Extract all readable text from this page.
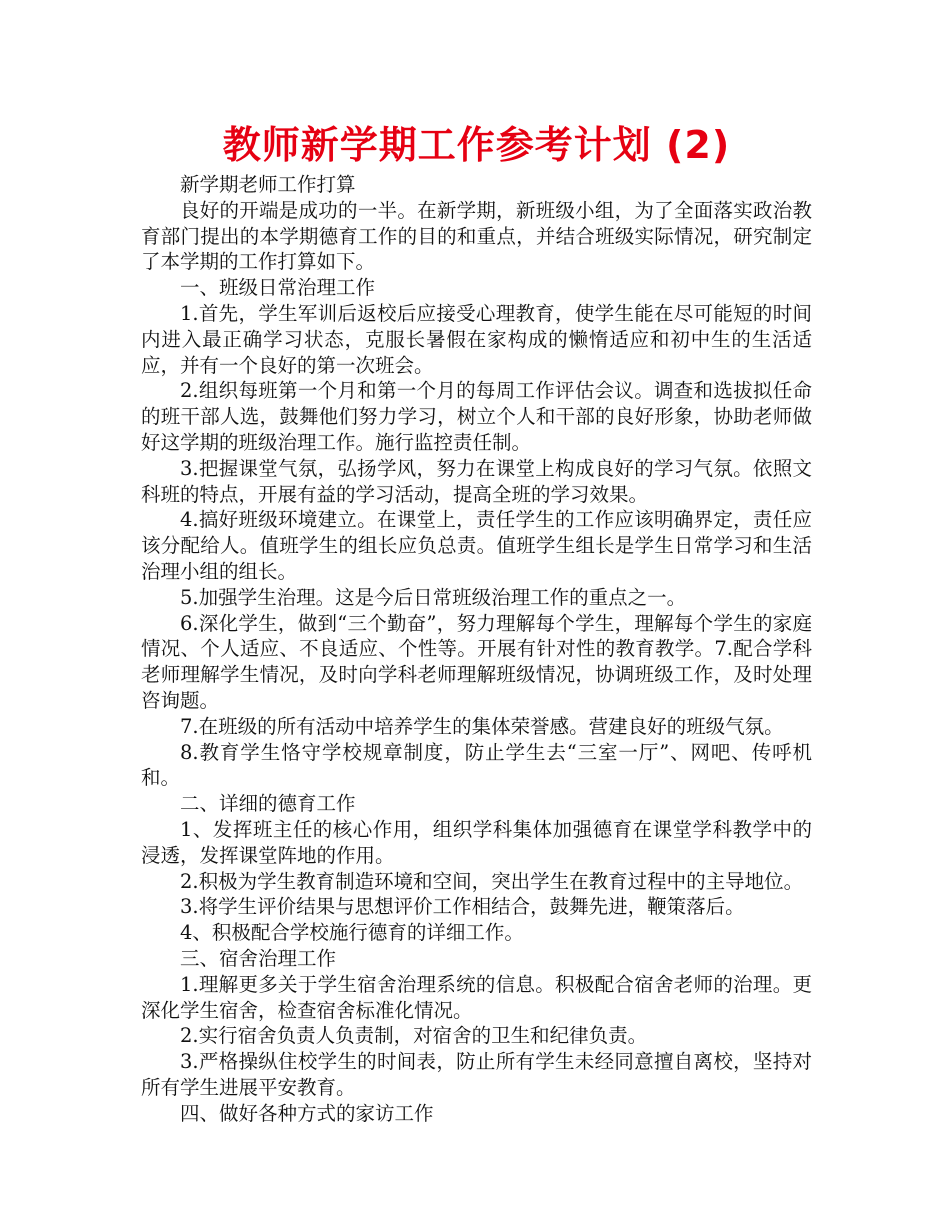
教师新学期工作参考计划 (2)

新学期老师工作打算

良好的开端是成功的一半。在新学期，新班级小组，为了全面落实政治教育部门提出的本学期德育工作的目的和重点，并结合班级实际情况，研究制定了本学期的工作打算如下。

一、班级日常治理工作

1.首先，学生军训后返校后应接受心理教育，使学生能在尽可能短的时间内进入最正确学习状态，克服长暑假在家构成的懒惰适应和初中生的生活适应，并有一个良好的第一次班会。

2.组织每班第一个月和第一个月的每周工作评估会议。调查和选拔拟任命的班干部人选，鼓舞他们努力学习，树立个人和干部的良好形象，协助老师做好这学期的班级治理工作。施行监控责任制。

3.把握课堂气氛，弘扬学风，努力在课堂上构成良好的学习气氛。依照文科班的特点，开展有益的学习活动，提高全班的学习效果。

4.搞好班级环境建立。在课堂上，责任学生的工作应该明确界定，责任应该分配给人。值班学生的组长应负总责。值班学生组长是学生日常学习和生活治理小组的组长。

5.加强学生治理。这是今后日常班级治理工作的重点之一。

6.深化学生，做到“三个勤奋”，努力理解每个学生，理解每个学生的家庭情况、个人适应、不良适应、个性等。开展有针对性的教育教学。7.配合学科老师理解学生情况，及时向学科老师理解班级情况，协调班级工作，及时处理咨询题。

7.在班级的所有活动中培养学生的集体荣誉感。营建良好的班级气氛。

8.教育学生恪守学校规章制度，防止学生去“三室一厅”、网吧、传呼机和。

二、详细的德育工作

1、发挥班主任的核心作用，组织学科集体加强德育在课堂学科教学中的浸透，发挥课堂阵地的作用。

2.积极为学生教育制造环境和空间，突出学生在教育过程中的主导地位。

3.将学生评价结果与思想评价工作相结合，鼓舞先进，鞭策落后。

4、积极配合学校施行德育的详细工作。

三、宿舍治理工作

1.理解更多关于学生宿舍治理系统的信息。积极配合宿舍老师的治理。更深化学生宿舍，检查宿舍标准化情况。

2.实行宿舍负责人负责制，对宿舍的卫生和纪律负责。

3.严格操纵住校学生的时间表，防止所有学生未经同意擅自离校，坚持对所有学生进展平安教育。

四、做好各种方式的家访工作
